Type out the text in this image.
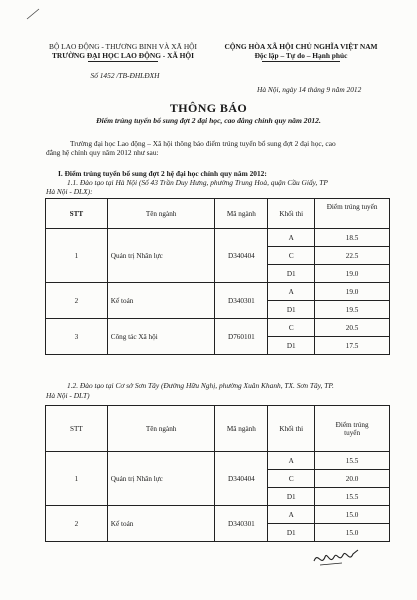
BỘ LAO ĐỘNG - THƯƠNG BINH VÀ XÃ HỘI
TRƯỜNG ĐẠI HỌC LAO ĐỘNG - XÃ HỘI
Số 1452 /TB-ĐHLĐXH
CỘNG HÒA XÃ HỘI CHỦ NGHĨA VIỆT NAM
Độc lập – Tự do – Hạnh phúc
Hà Nội, ngày 14 tháng 9 năm 2012
THÔNG BÁO
Điểm trúng tuyển bổ sung đợt 2 đại học, cao đẳng chính quy năm 2012.
Trường đại học Lao động – Xã hội thông báo điểm trúng tuyển bổ sung đợt 2 đại học, cao
đẳng hệ chính quy năm 2012 như sau:
I. Điểm trúng tuyển bổ sung đợt 2 hệ đại học chính quy năm 2012:
1.1. Đào tạo tại Hà Nội (Số 43 Trần Duy Hưng, phường Trung Hoà, quận Cầu Giấy, TP
Hà Nội - DLX):
STT	Tên ngành	Mã ngành	Khối thi	Điểm trúng tuyển
1	Quản trị Nhân lực	D340404	A	18.5
			C	22.5
			D1	19.0
2	Kế toán	D340301	A	19.0
			D1	19.5
3	Công tác Xã hội	D760101	C	20.5
			D1	17.5
1.2. Đào tạo tại Cơ sở Sơn Tây (Đường Hữu Nghị, phường Xuân Khanh, TX. Sơn Tây, TP.
Hà Nội - DLT)
STT	Tên ngành	Mã ngành	Khối thi	Điểm trúng
tuyển

1	Quản trị Nhân lực	D340404	A	15.5
			C	20.0
			D1	15.5
2	Kế toán	D340301	A	15.0
			D1	15.0
